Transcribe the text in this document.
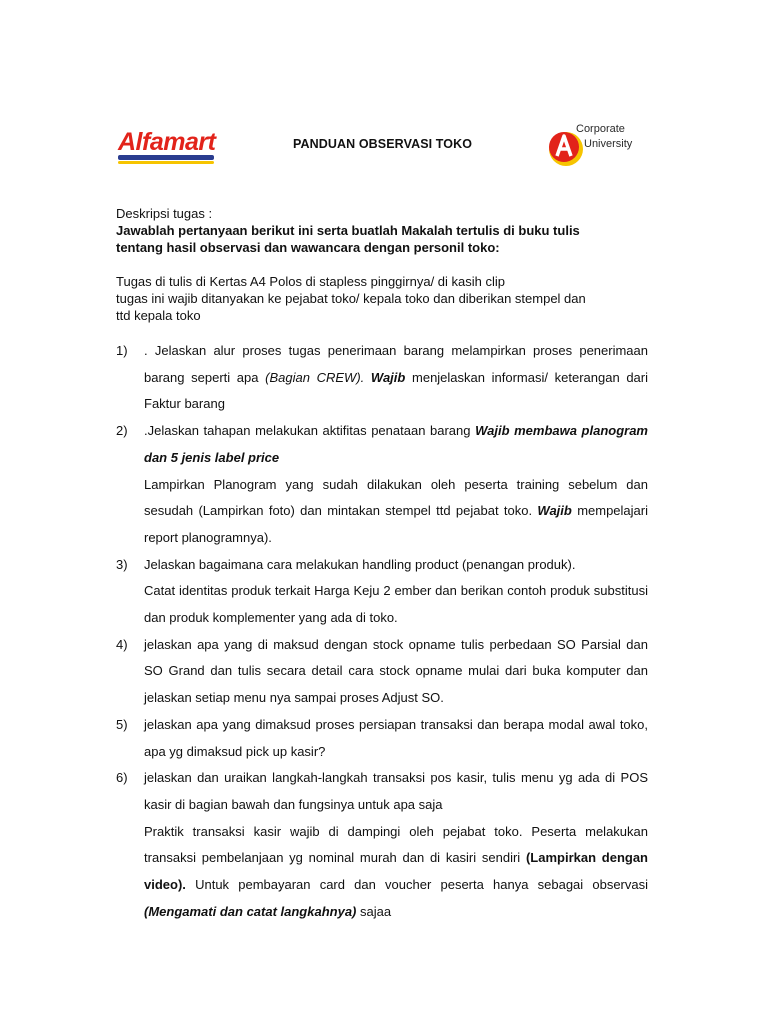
Alfamart	PANDUAN OBSERVASI TOKO
Corporate
University

Deskripsi tugas :

Jawablah pertanyaan berikut ini serta buatlah Makalah tertulis di buku tulis

tentang hasil observasi dan wawancara dengan personil toko:

Tugas di tulis di Kertas A4 Polos di stapless pinggirnya/ di kasih clip

tugas ini wajib ditanyakan ke pejabat toko/ kepala toko dan diberikan stempel dan

ttd kepala toko

1) . Jelaskan alur proses tugas penerimaan barang melampirkan proses penerimaan barang seperti apa (Bagian CREW). Wajib menjelaskan informasi/ keterangan dari Faktur barang
2) .Jelaskan tahapan melakukan aktifitas penataan barang Wajib membawa planogram dan 5 jenis label price
Lampirkan Planogram yang sudah dilakukan oleh peserta training sebelum dan sesudah (Lampirkan foto) dan mintakan stempel ttd pejabat toko. Wajib mempelajari report planogramnya).
3) Jelaskan bagaimana cara melakukan handling product (penangan produk).
Catat identitas produk terkait Harga Keju 2 ember dan berikan contoh produk substitusi dan produk komplementer yang ada di toko.
4) jelaskan apa yang di maksud dengan stock opname tulis perbedaan SO Parsial dan SO Grand dan tulis secara detail cara stock opname mulai dari buka komputer dan jelaskan setiap menu nya sampai proses Adjust SO.
5) jelaskan apa yang dimaksud proses persiapan transaksi dan berapa modal awal toko, apa yg dimaksud pick up kasir?
6) jelaskan dan uraikan langkah-langkah transaksi pos kasir, tulis menu yg ada di POS kasir di bagian bawah dan fungsinya untuk apa saja
Praktik transaksi kasir wajib di dampingi oleh pejabat toko. Peserta melakukan transaksi pembelanjaan yg nominal murah dan di kasiri sendiri (Lampirkan dengan video). Untuk pembayaran card dan voucher peserta hanya sebagai observasi (Mengamati dan catat langkahnya) sajaa
